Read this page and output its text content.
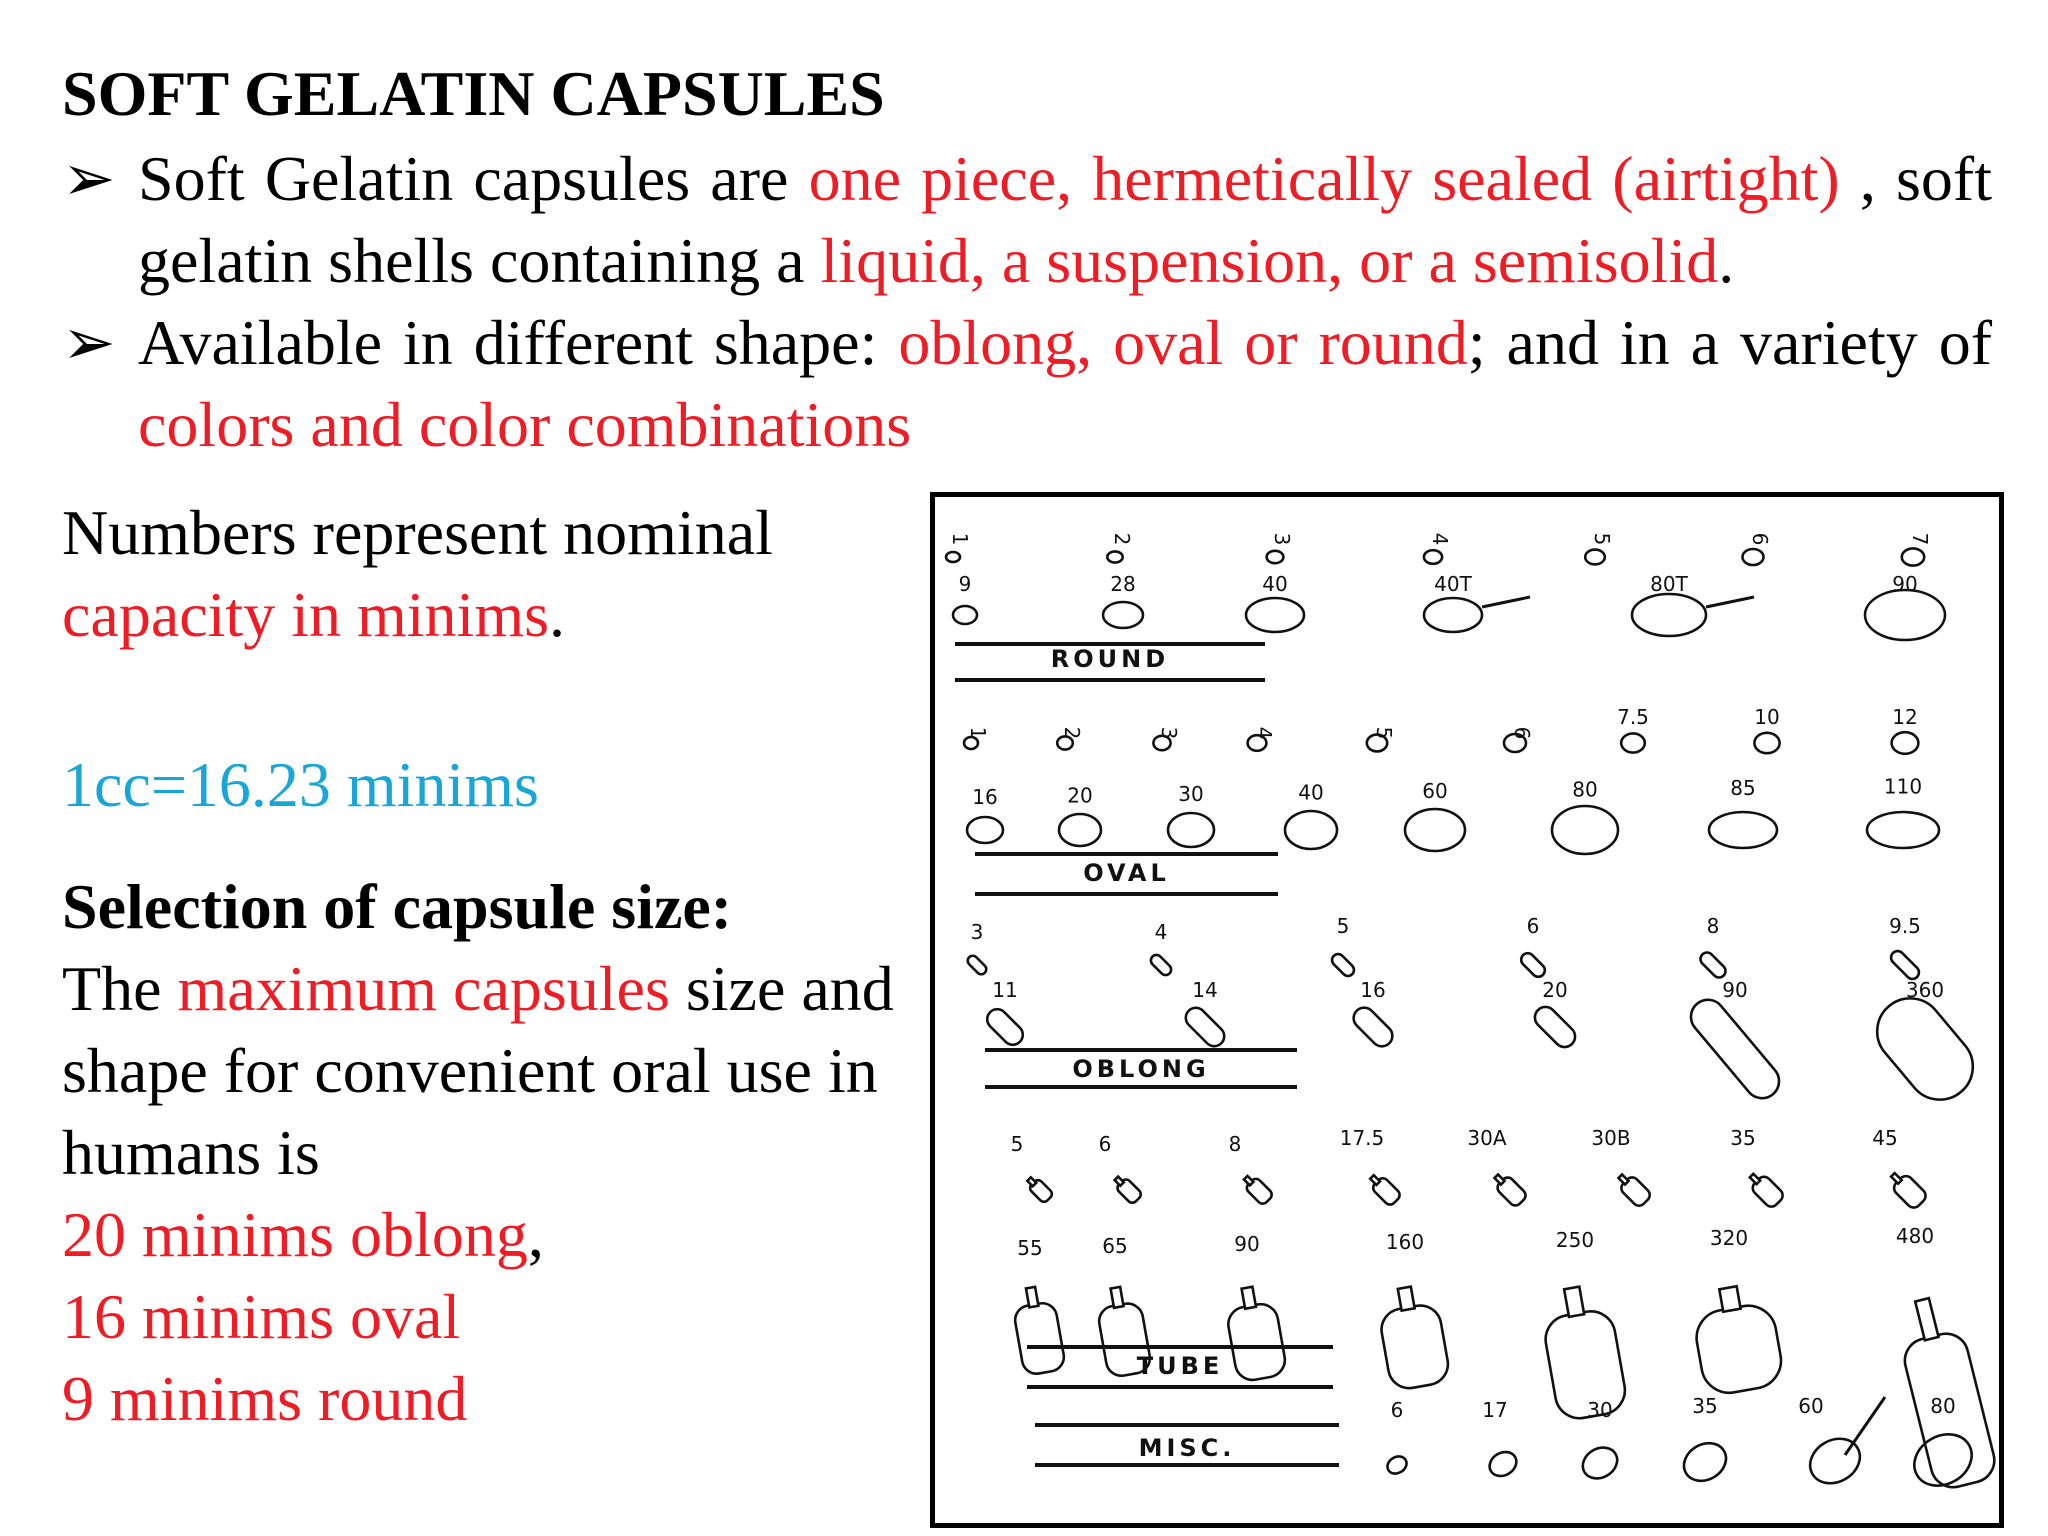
SOFT GELATIN CAPSULES
➢ Soft Gelatin capsules are one piece, hermetically sealed (airtight) , soft gelatin shells containing a liquid, a suspension, or a semisolid.
➢ Available in different shape: oblong, oval or round; and in a variety of colors and color combinations
Numbers represent nominal capacity in minims.
1cc=16.23 minims
Selection of capsule size:
The maximum capsules size and shape for convenient oral use in humans is
20 minims oblong,
16 minims oval
9 minims round
1	2	3	4	5	6	7
9	28	40	40T	80T	90
ROUND
1	2	3	4	5	6
7.5	10	12
16	20	30	40	60	80	85	110
OVAL
3	4	5	6	8	9.5
11	14	16	20	90	360
OBLONG
5	6	8	17.5	30A	30B	35	45
55	65	90	160	250	320	480
TUBE
MISC.
6	17	30	35	60	80
